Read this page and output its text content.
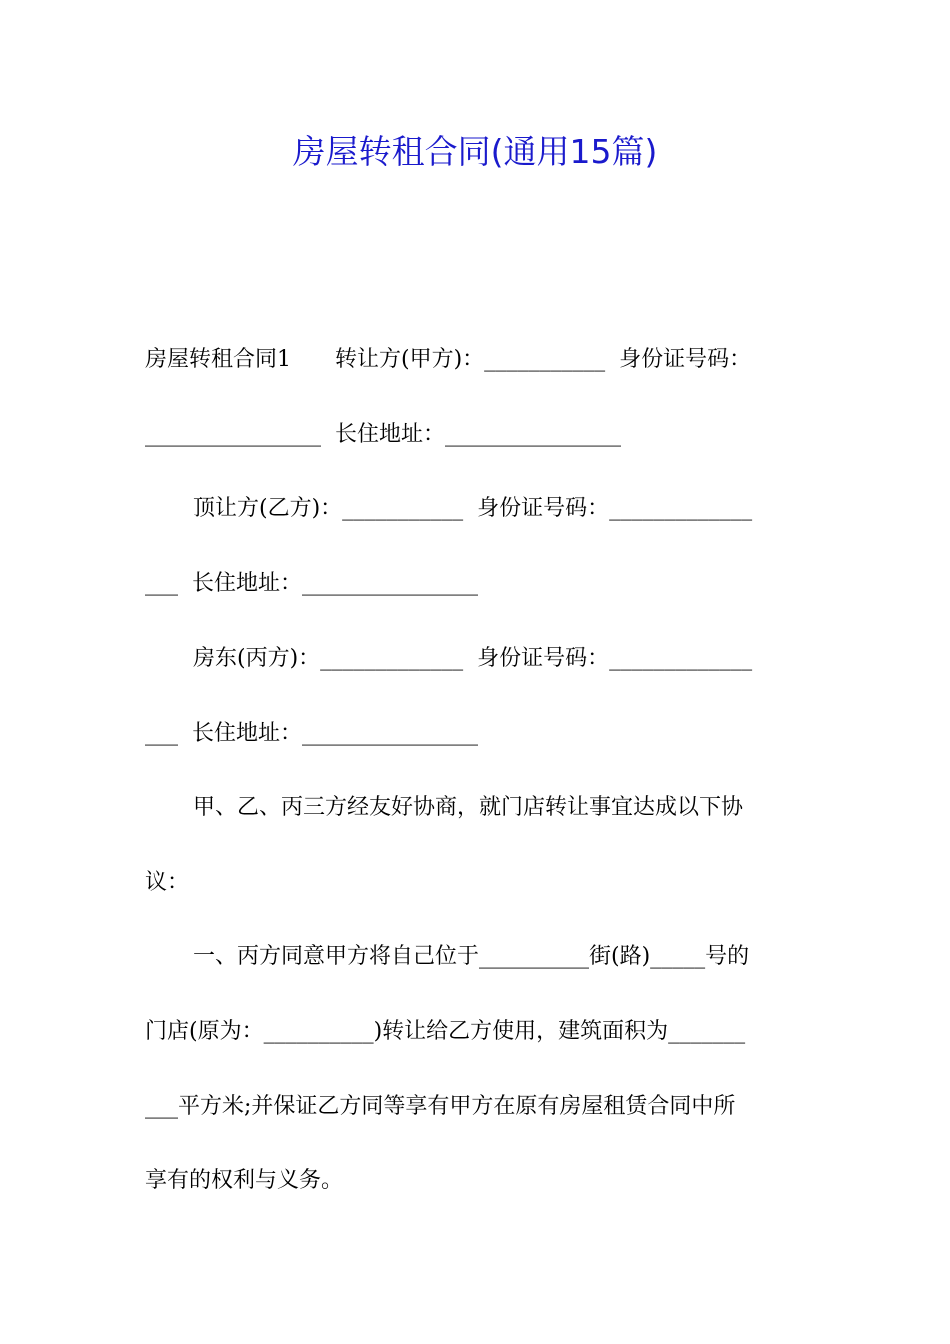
房屋转租合同(通用15篇)
房屋转租合同1　　转让方(甲方)：___________  身份证号码：
________________  长住地址：________________
顶让方(乙方)：___________  身份证号码：_____________
___  长住地址：________________
房东(丙方)：_____________  身份证号码：_____________
___  长住地址：________________
甲、乙、丙三方经友好协商，就门店转让事宜达成以下协
议：
一、丙方同意甲方将自己位于__________街(路)_____号的
门店(原为：__________)转让给乙方使用，建筑面积为_______
___平方米;并保证乙方同等享有甲方在原有房屋租赁合同中所
享有的权利与义务。
